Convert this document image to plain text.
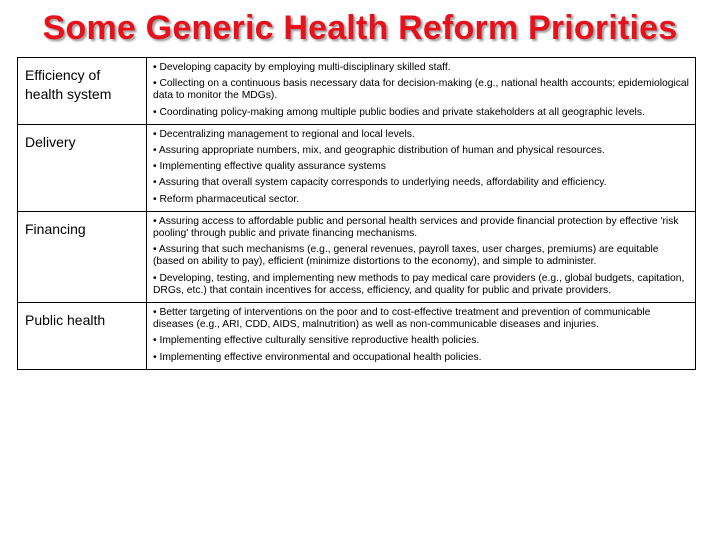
Some Generic Health Reform Priorities
Efficiency of health system	• Developing capacity by employing multi-disciplinary skilled staff.
• Collecting on a continuous basis necessary data for decision-making (e.g., national health accounts; epidemiological data to monitor the MDGs).
• Coordinating policy-making among multiple public bodies and private stakeholders at all geographic levels.

Delivery	• Decentralizing management to regional and local levels.
• Assuring appropriate numbers, mix, and geographic distribution of human and physical resources.
• Implementing effective quality assurance systems
• Assuring that overall system capacity corresponds to underlying needs, affordability and efficiency.
• Reform pharmaceutical sector.

Financing	• Assuring access to affordable public and personal health services and provide financial protection by effective 'risk pooling' through public and private financing mechanisms.
• Assuring that such mechanisms (e.g., general revenues, payroll taxes, user charges, premiums) are equitable (based on ability to pay), efficient (minimize distortions to the economy), and simple to administer.
• Developing, testing, and implementing new methods to pay medical care providers (e.g., global budgets, capitation, DRGs, etc.) that contain incentives for access, efficiency, and quality for public and private providers.

Public health	• Better targeting of interventions on the poor and to cost-effective treatment and prevention of communicable diseases (e.g., ARI, CDD, AIDS, malnutrition) as well as non-communicable diseases and injuries.
• Implementing effective culturally sensitive reproductive health policies.
• Implementing effective environmental and occupational health policies.
